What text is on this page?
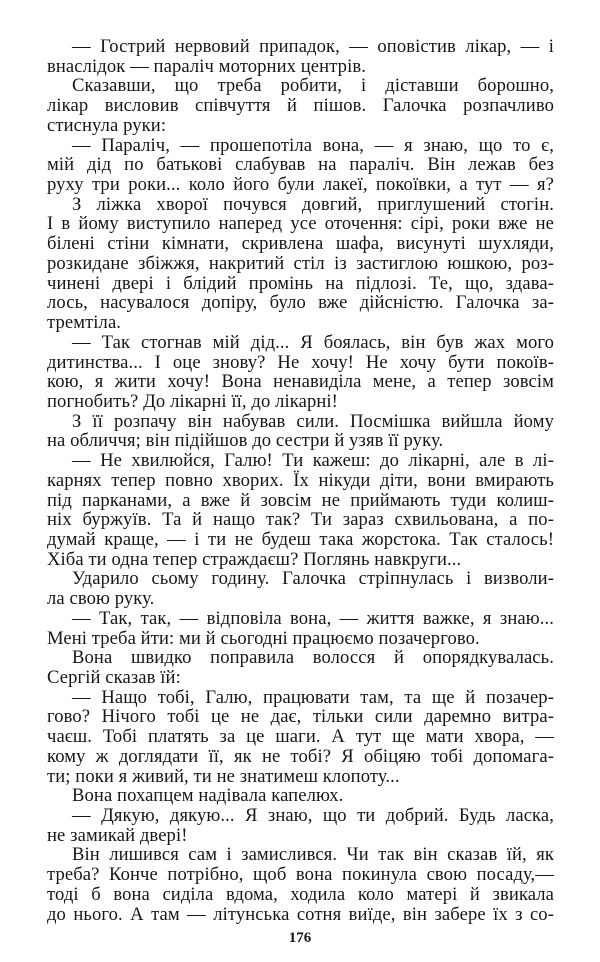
— Гострий нервовий припадок, — оповістив лікар, — і
внаслідок — параліч моторних центрів.
Сказавши, що треба робити, і діставши борошно,
лікар висловив співчуття й пішов. Галочка розпачливо
стиснула руки:
— Параліч, — прошепотіла вона, — я знаю, що то є,
мій дід по батькові слабував на параліч. Він лежав без
руху три роки... коло його були лакеї, покоївки, а тут — я?
З ліжка хворої почувся довгий, приглушений стогін.
І в йому виступило наперед усе оточення: сірі, роки вже не
білені стіни кімнати, скривлена шафа, висунуті шухляди,
розкидане збіжжя, накритий стіл із застиглою юшкою, роз-
чинені двері і блідий промінь на підлозі. Те, що, здава-
лось, насувалося допіру, було вже дійсністю. Галочка за-
тремтіла.
— Так стогнав мій дід... Я боялась, він був жах мого
дитинства... І оце знову? Не хочу! Не хочу бути покоїв-
кою, я жити хочу! Вона ненавиділа мене, а тепер зовсім
погнобить? До лікарні її, до лікарні!
З її розпачу він набував сили. Посмішка вийшла йому
на обличчя; він підійшов до сестри й узяв її руку.
— Не хвилюйся, Галю! Ти кажеш: до лікарні, але в лі-
карнях тепер повно хворих. Їх нікуди діти, вони вмирають
під парканами, а вже й зовсім не приймають туди колиш-
ніх буржуїв. Та й нащо так? Ти зараз схвильована, а по-
думай краще, — і ти не будеш така жорстока. Так сталось!
Хіба ти одна тепер страждаєш? Поглянь навкруги...
Ударило сьому годину. Галочка стріпнулась і визволи-
ла свою руку.
— Так, так, — відповіла вона, — життя важке, я знаю...
Мені треба йти: ми й сьогодні працюємо позачергово.
Вона швидко поправила волосся й опорядкувалась.
Сергій сказав їй:
— Нащо тобі, Галю, працювати там, та ще й позачер-
гово? Нічого тобі це не дає, тільки сили даремно витра-
чаєш. Тобі платять за це шаги. А тут ще мати хвора, —
кому ж доглядати її, як не тобі? Я обіцяю тобі допомага-
ти; поки я живий, ти не знатимеш клопоту...
Вона похапцем надівала капелюх.
— Дякую, дякую... Я знаю, що ти добрий. Будь ласка,
не замикай двері!
Він лишився сам і замислився. Чи так він сказав їй, як
треба? Конче потрібно, щоб вона покинула свою посаду,—
тоді б вона сиділа вдома, ходила коло матері й звикала
до нього. А там — літунська сотня виїде, він забере їх з со-
176
